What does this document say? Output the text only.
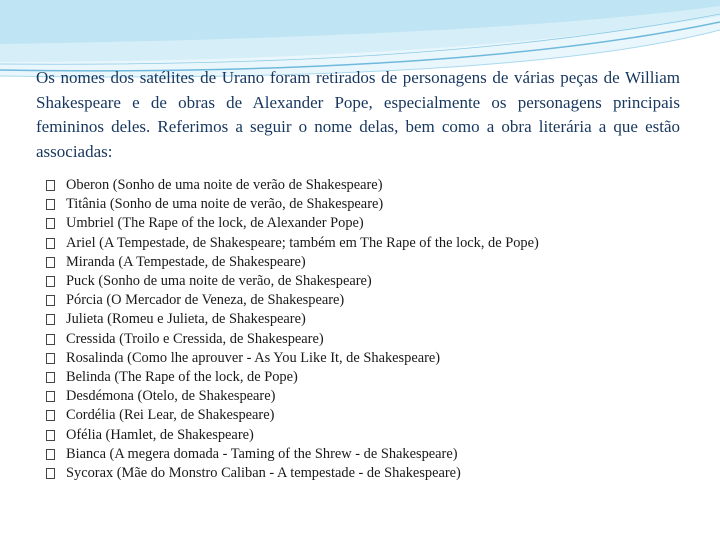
Os nomes dos satélites de Urano foram retirados de personagens de várias peças de William Shakespeare e de obras de Alexander Pope, especialmente os personagens principais femininos deles. Referimos a seguir o nome delas, bem como a obra literária a que estão associadas:

Oberon (Sonho de uma noite de verão de Shakespeare)
Titânia (Sonho de uma noite de verão, de Shakespeare)
Umbriel (The Rape of the lock, de Alexander Pope)
Ariel (A Tempestade, de Shakespeare; também em The Rape of the lock, de Pope)
Miranda (A Tempestade, de Shakespeare)
Puck (Sonho de uma noite de verão, de Shakespeare)
Pórcia (O Mercador de Veneza, de Shakespeare)
Julieta (Romeu e Julieta, de Shakespeare)
Cressida (Troilo e Cressida, de Shakespeare)
Rosalinda (Como lhe aprouver - As You Like It, de Shakespeare)
Belinda (The Rape of the lock, de Pope)
Desdémona (Otelo, de Shakespeare)
Cordélia (Rei Lear, de Shakespeare)
Ofélia (Hamlet, de Shakespeare)
Bianca (A megera domada - Taming of the Shrew - de Shakespeare)
Sycorax (Mãe do Monstro Caliban - A tempestade - de Shakespeare)
